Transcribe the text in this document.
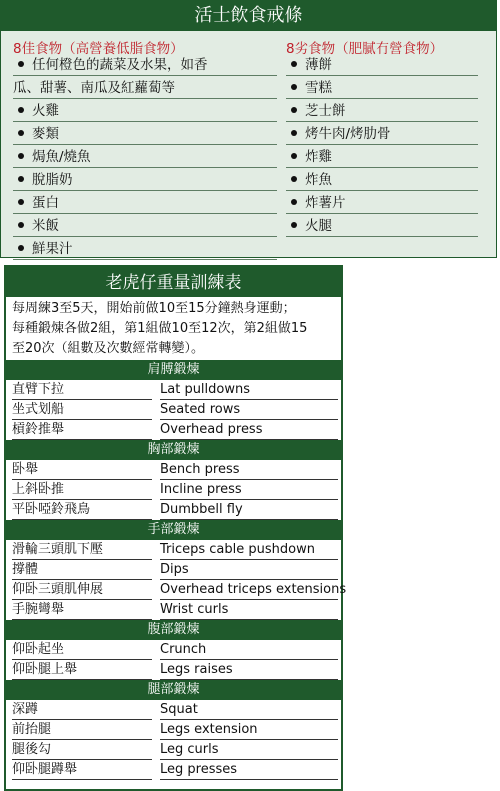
活士飲食戒條
8佳食物（高營養低脂食物）	8劣食物（肥膩冇營食物）
任何橙色的蔬菜及水果，如香
瓜、甜薯、南瓜及紅蘿蔔等
火雞
麥類
焗魚/燒魚
脫脂奶
蛋白
米飯
鮮果汁
薄餅
雪糕
芝士餅
烤牛肉/烤肋骨
炸雞
炸魚
炸薯片
火腿
老虎仔重量訓練表
每周練3至5天，開始前做10至15分鐘熱身運動；
每種鍛煉各做2組，第1組做10至12次，第2組做15
至20次（組數及次數經常轉變）。
肩膊鍛煉
直臂下拉	Lat pulldowns
坐式划船	Seated rows
槓鈴推舉	Overhead press
胸部鍛煉
卧舉	Bench press
上斜卧推	Incline press
平卧啞鈴飛鳥	Dumbbell fly
手部鍛煉
滑輪三頭肌下壓	Triceps cable pushdown
撐體	Dips
仰卧三頭肌伸展	Overhead triceps extensions
手腕彎舉	Wrist curls
腹部鍛煉
仰卧起坐	Crunch
仰卧腿上舉	Legs raises
腿部鍛煉
深蹲	Squat
前抬腿	Legs extension
腿後勾	Leg curls
仰卧腿蹲舉	Leg presses
